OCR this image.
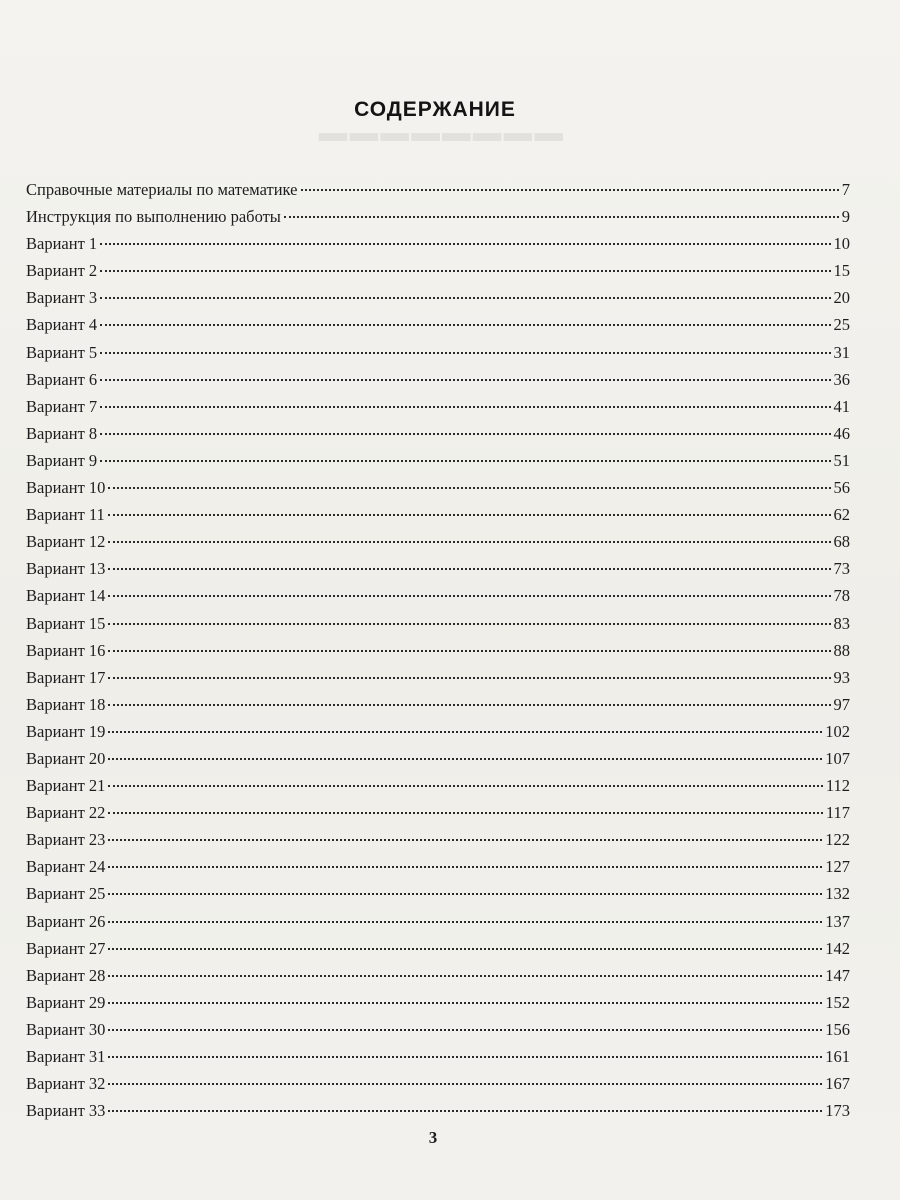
▬▬▬▬▬▬▬▬
СОДЕРЖАНИЕ
Справочные материалы по математике	7
Инструкция по выполнению работы	9
Вариант 1	10
Вариант 2	15
Вариант 3	20
Вариант 4	25
Вариант 5	31
Вариант 6	36
Вариант 7	41
Вариант 8	46
Вариант 9	51
Вариант 10	56
Вариант 11	62
Вариант 12	68
Вариант 13	73
Вариант 14	78
Вариант 15	83
Вариант 16	88
Вариант 17	93
Вариант 18	97
Вариант 19	102
Вариант 20	107
Вариант 21	112
Вариант 22	117
Вариант 23	122
Вариант 24	127
Вариант 25	132
Вариант 26	137
Вариант 27	142
Вариант 28	147
Вариант 29	152
Вариант 30	156
Вариант 31	161
Вариант 32	167
Вариант 33	173
3
